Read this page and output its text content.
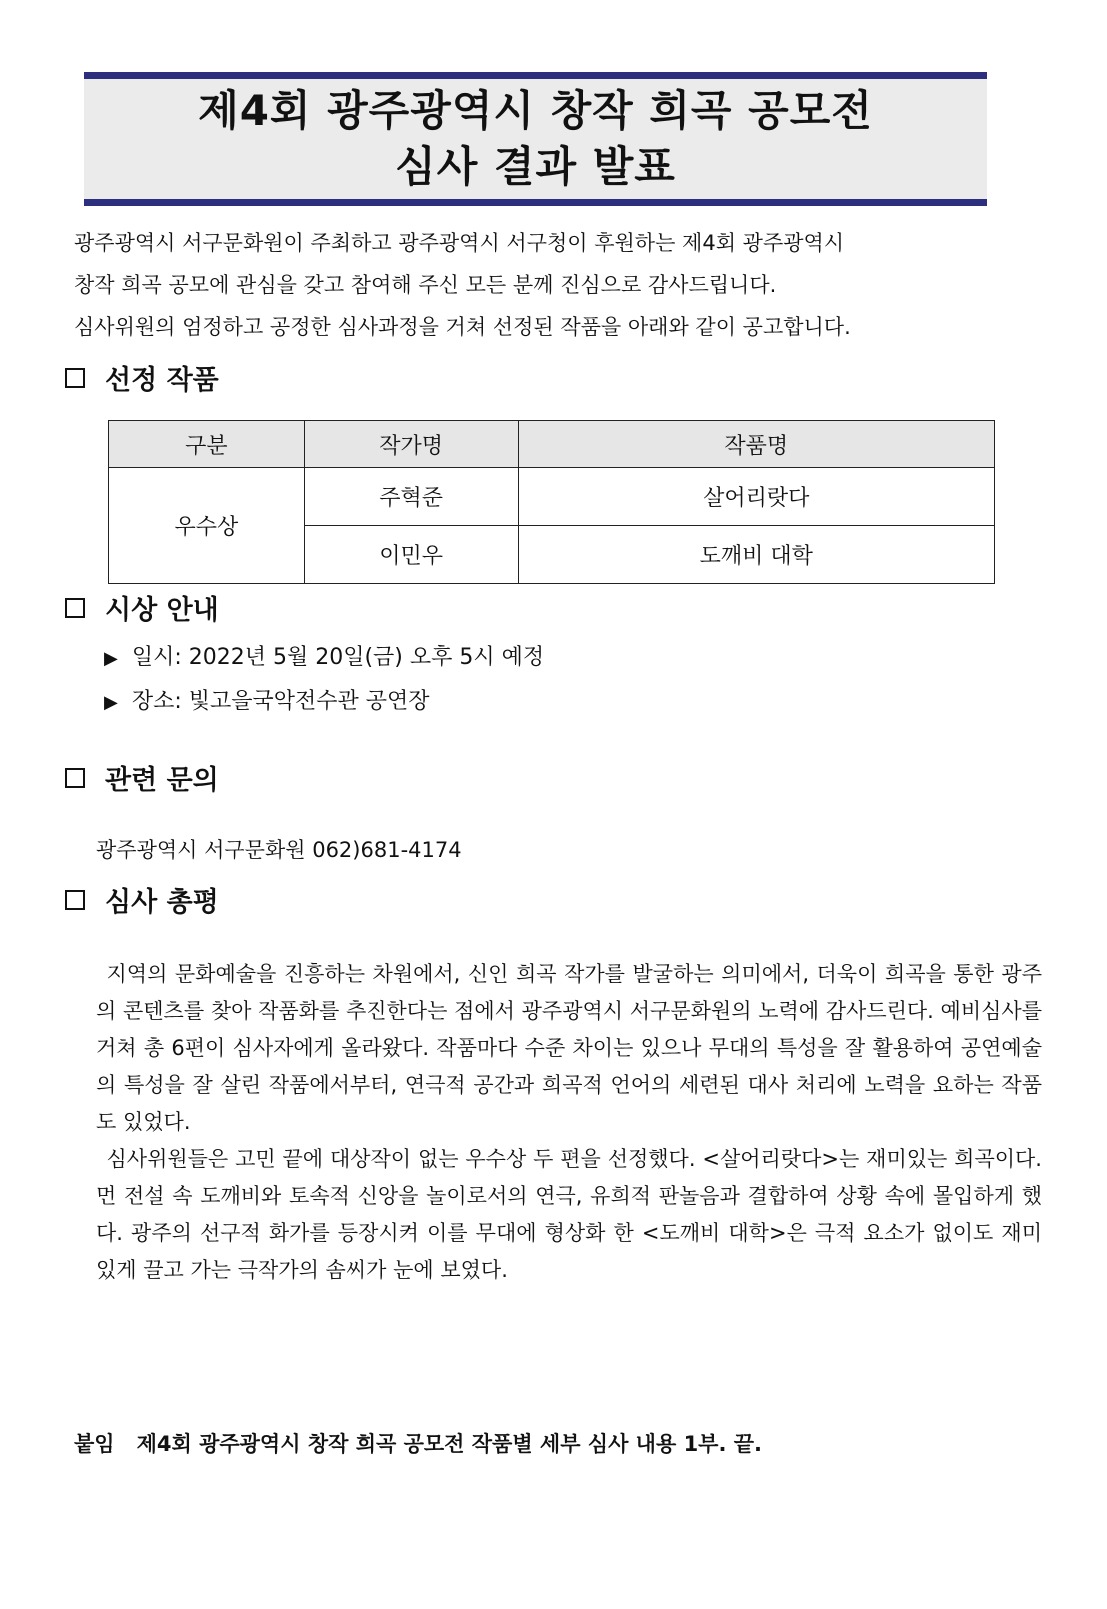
제4회 광주광역시 창작 희곡 공모전
심사 결과 발표
광주광역시 서구문화원이 주최하고 광주광역시 서구청이 후원하는 제4회 광주광역시
창작 희곡 공모에 관심을 갖고 참여해 주신 모든 분께 진심으로 감사드립니다.
심사위원의 엄정하고 공정한 심사과정을 거쳐 선정된 작품을 아래와 같이 공고합니다.
선정 작품
구분	작가명	작품명
우수상	주혁준	살어리랏다
	이민우	도깨비 대학
시상 안내
▶ 일시: 2022년 5월 20일(금) 오후 5시 예정
▶ 장소: 빛고을국악전수관 공연장
관련 문의
광주광역시 서구문화원 062)681-4174
심사 총평

지역의 문화예술을 진흥하는 차원에서, 신인 희곡 작가를 발굴하는 의미에서, 더욱이 희곡을 통한 광주의 콘텐츠를 찾아 작품화를 추진한다는 점에서 광주광역시 서구문화원의 노력에 감사드린다. 예비심사를 거쳐 총 6편이 심사자에게 올라왔다. 작품마다 수준 차이는 있으나 무대의 특성을 잘 활용하여 공연예술의 특성을 잘 살린 작품에서부터, 연극적 공간과 희곡적 언어의 세련된 대사 처리에 노력을 요하는 작품도 있었다.

심사위원들은 고민 끝에 대상작이 없는 우수상 두 편을 선정했다. <살어리랏다>는 재미있는 희곡이다. 먼 전설 속 도깨비와 토속적 신앙을 놀이로서의 연극, 유희적 판놀음과 결합하여 상황 속에 몰입하게 했다. 광주의 선구적 화가를 등장시켜 이를 무대에 형상화 한 <도깨비 대학>은 극적 요소가 없이도 재미있게 끌고 가는 극작가의 솜씨가 눈에 보였다.

붙임 제4회 광주광역시 창작 희곡 공모전 작품별 세부 심사 내용 1부. 끝.
